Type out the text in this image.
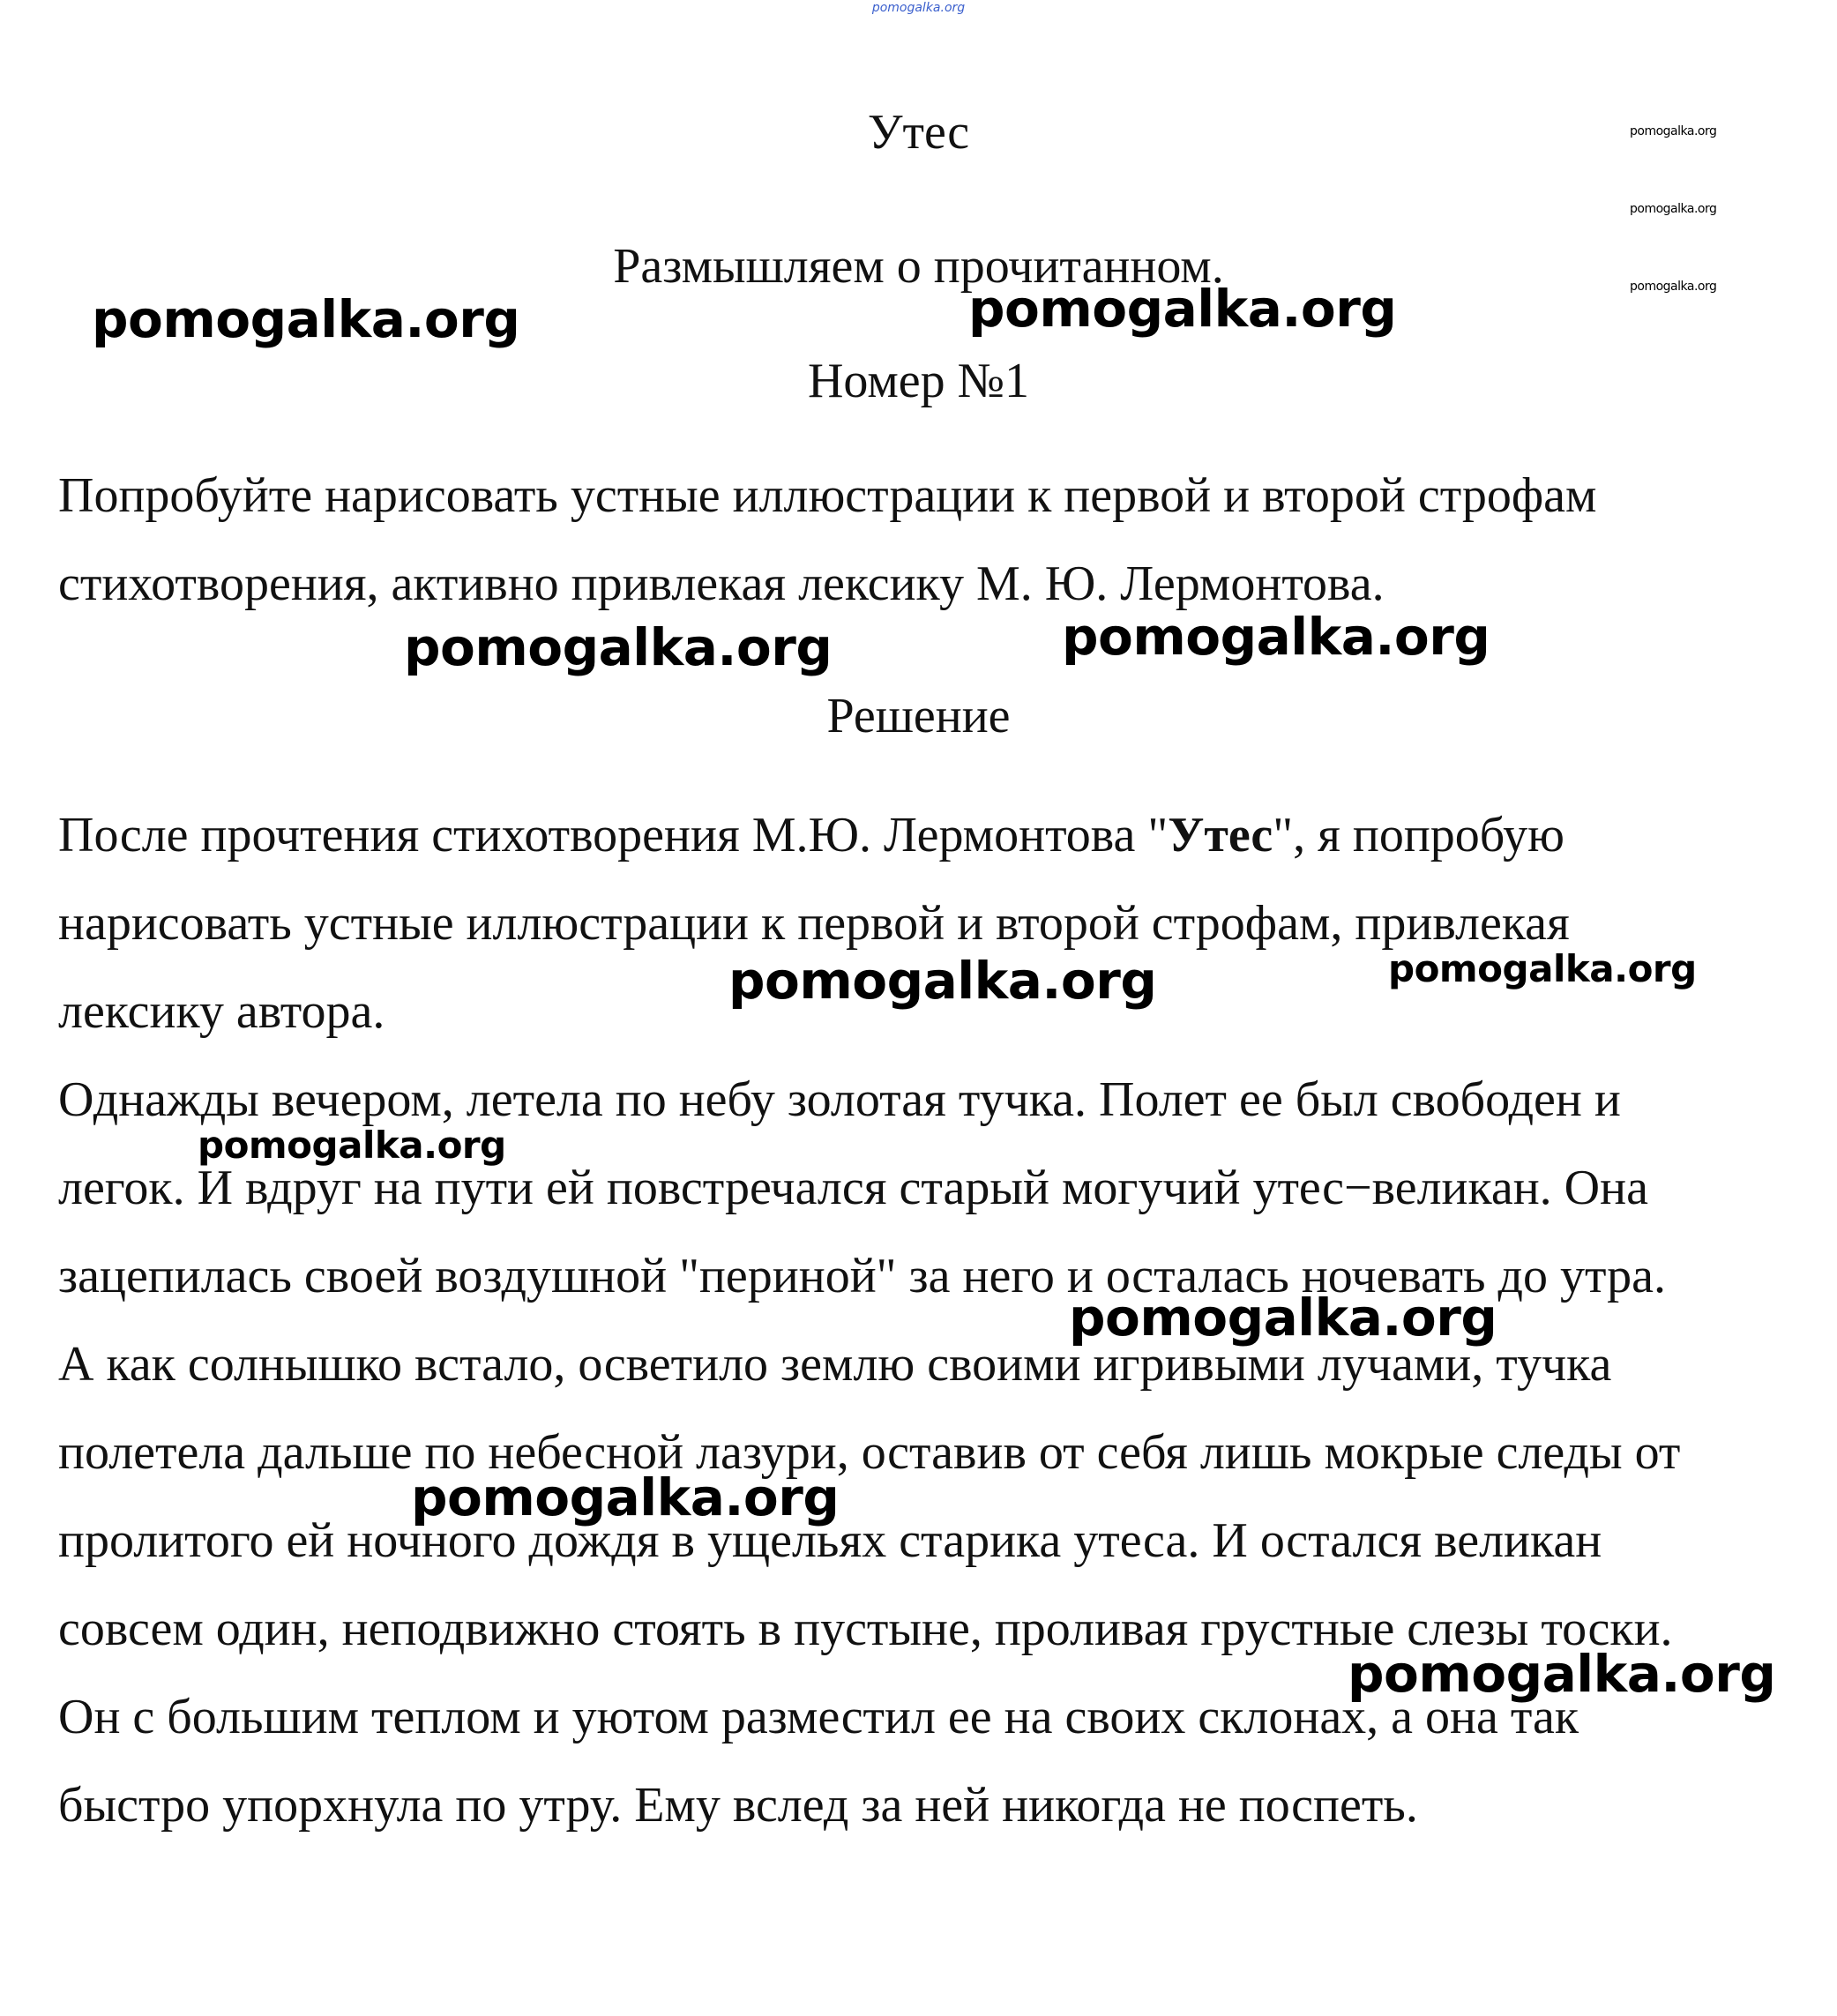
pomogalka.org
Утес
Размышляем о прочитанном.
Номер №1
Попробуйте нарисовать устные иллюстрации к первой и второй строфам
стихотворения, активно привлекая лексику М. Ю. Лермонтова.
Решение
После прочтения стихотворения М.Ю. Лермонтова "Утес", я попробую
нарисовать устные иллюстрации к первой и второй строфам, привлекая
лексику автора.
Однажды вечером, летела по небу золотая тучка. Полет ее был свободен и
легок. И вдруг на пути ей повстречался старый могучий утес−великан. Она
зацепилась своей воздушной "периной" за него и осталась ночевать до утра.
А как солнышко встало, осветило землю своими игривыми лучами, тучка
полетела дальше по небесной лазури, оставив от себя лишь мокрые следы от
пролитого ей ночного дождя в ущельях старика утеса. И остался великан
совсем один, неподвижно стоять в пустыне, проливая грустные слезы тоски.
Он с большим теплом и уютом разместил ее на своих склонах, а она так
быстро упорхнула по утру. Ему вслед за ней никогда не поспеть.
pomogalka.org
pomogalka.org
pomogalka.org
pomogalka.org	pomogalka.org
pomogalka.org	pomogalka.org
pomogalka.org	pomogalka.org
pomogalka.org
pomogalka.org
pomogalka.org
pomogalka.org
